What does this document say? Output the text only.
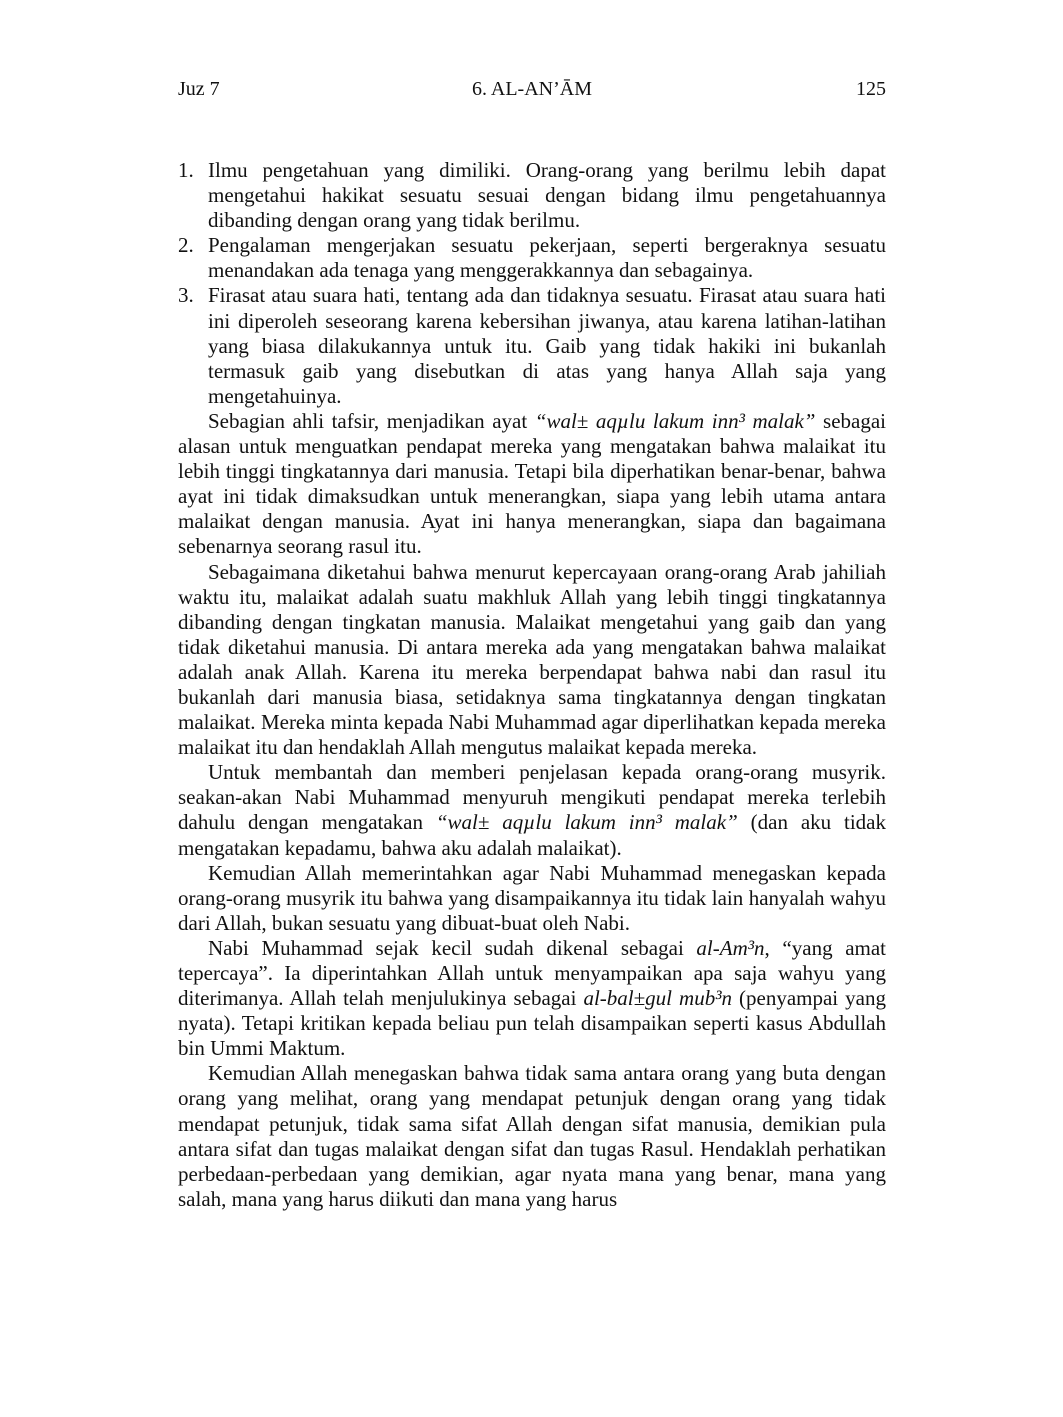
Juz 7	6. AL-AN’ĀM	125
1. Ilmu pengetahuan yang dimiliki. Orang-orang yang berilmu lebih dapat mengetahui hakikat sesuatu sesuai dengan bidang ilmu pengetahuannya dibanding dengan orang yang tidak berilmu.
2. Pengalaman mengerjakan sesuatu pekerjaan, seperti bergeraknya sesuatu menandakan ada tenaga yang menggerakkannya dan sebagainya.
3. Firasat atau suara hati, tentang ada dan tidaknya sesuatu. Firasat atau suara hati ini diperoleh seseorang karena kebersihan jiwanya, atau karena latihan-latihan yang biasa dilakukannya untuk itu. Gaib yang tidak hakiki ini bukanlah termasuk gaib yang disebutkan di atas yang hanya Allah saja yang mengetahuinya.

Sebagian ahli tafsir, menjadikan ayat “wal± aqµlu lakum inn³ malak” sebagai alasan untuk menguatkan pendapat mereka yang mengatakan bahwa malaikat itu lebih tinggi tingkatannya dari manusia. Tetapi bila diperhatikan benar-benar, bahwa ayat ini tidak dimaksudkan untuk menerangkan, siapa yang lebih utama antara malaikat dengan manusia. Ayat ini hanya menerangkan, siapa dan bagaimana sebenarnya seorang rasul itu.

Sebagaimana diketahui bahwa menurut kepercayaan orang-orang Arab jahiliah waktu itu, malaikat adalah suatu makhluk Allah yang lebih tinggi tingkatannya dibanding dengan tingkatan manusia. Malaikat mengetahui yang gaib dan yang tidak diketahui manusia. Di antara mereka ada yang mengatakan bahwa malaikat adalah anak Allah. Karena itu mereka berpendapat bahwa nabi dan rasul itu bukanlah dari manusia biasa, setidaknya sama tingkatannya dengan tingkatan malaikat. Mereka minta kepada Nabi Muhammad agar diperlihatkan kepada mereka malaikat itu dan hendaklah Allah mengutus malaikat kepada mereka.

Untuk membantah dan memberi penjelasan kepada orang-orang musyrik. seakan-akan Nabi Muhammad menyuruh mengikuti pendapat mereka terlebih dahulu dengan mengatakan “wal± aqµlu lakum inn³ malak” (dan aku tidak mengatakan kepadamu, bahwa aku adalah malaikat).

Kemudian Allah memerintahkan agar Nabi Muhammad menegaskan kepada orang-orang musyrik itu bahwa yang disampaikannya itu tidak lain hanyalah wahyu dari Allah, bukan sesuatu yang dibuat-buat oleh Nabi.

Nabi Muhammad sejak kecil sudah dikenal sebagai al-Am³n, “yang amat tepercaya”. Ia diperintahkan Allah untuk menyampaikan apa saja wahyu yang diterimanya. Allah telah menjulukinya sebagai al-bal±gul mub³n (penyampai yang nyata). Tetapi kritikan kepada beliau pun telah disampaikan seperti kasus Abdullah bin Ummi Maktum.

Kemudian Allah menegaskan bahwa tidak sama antara orang yang buta dengan orang yang melihat, orang yang mendapat petunjuk dengan orang yang tidak mendapat petunjuk, tidak sama sifat Allah dengan sifat manusia, demikian pula antara sifat dan tugas malaikat dengan sifat dan tugas Rasul. Hendaklah perhatikan perbedaan-perbedaan yang demikian, agar nyata mana yang benar, mana yang salah, mana yang harus diikuti dan mana yang harus
